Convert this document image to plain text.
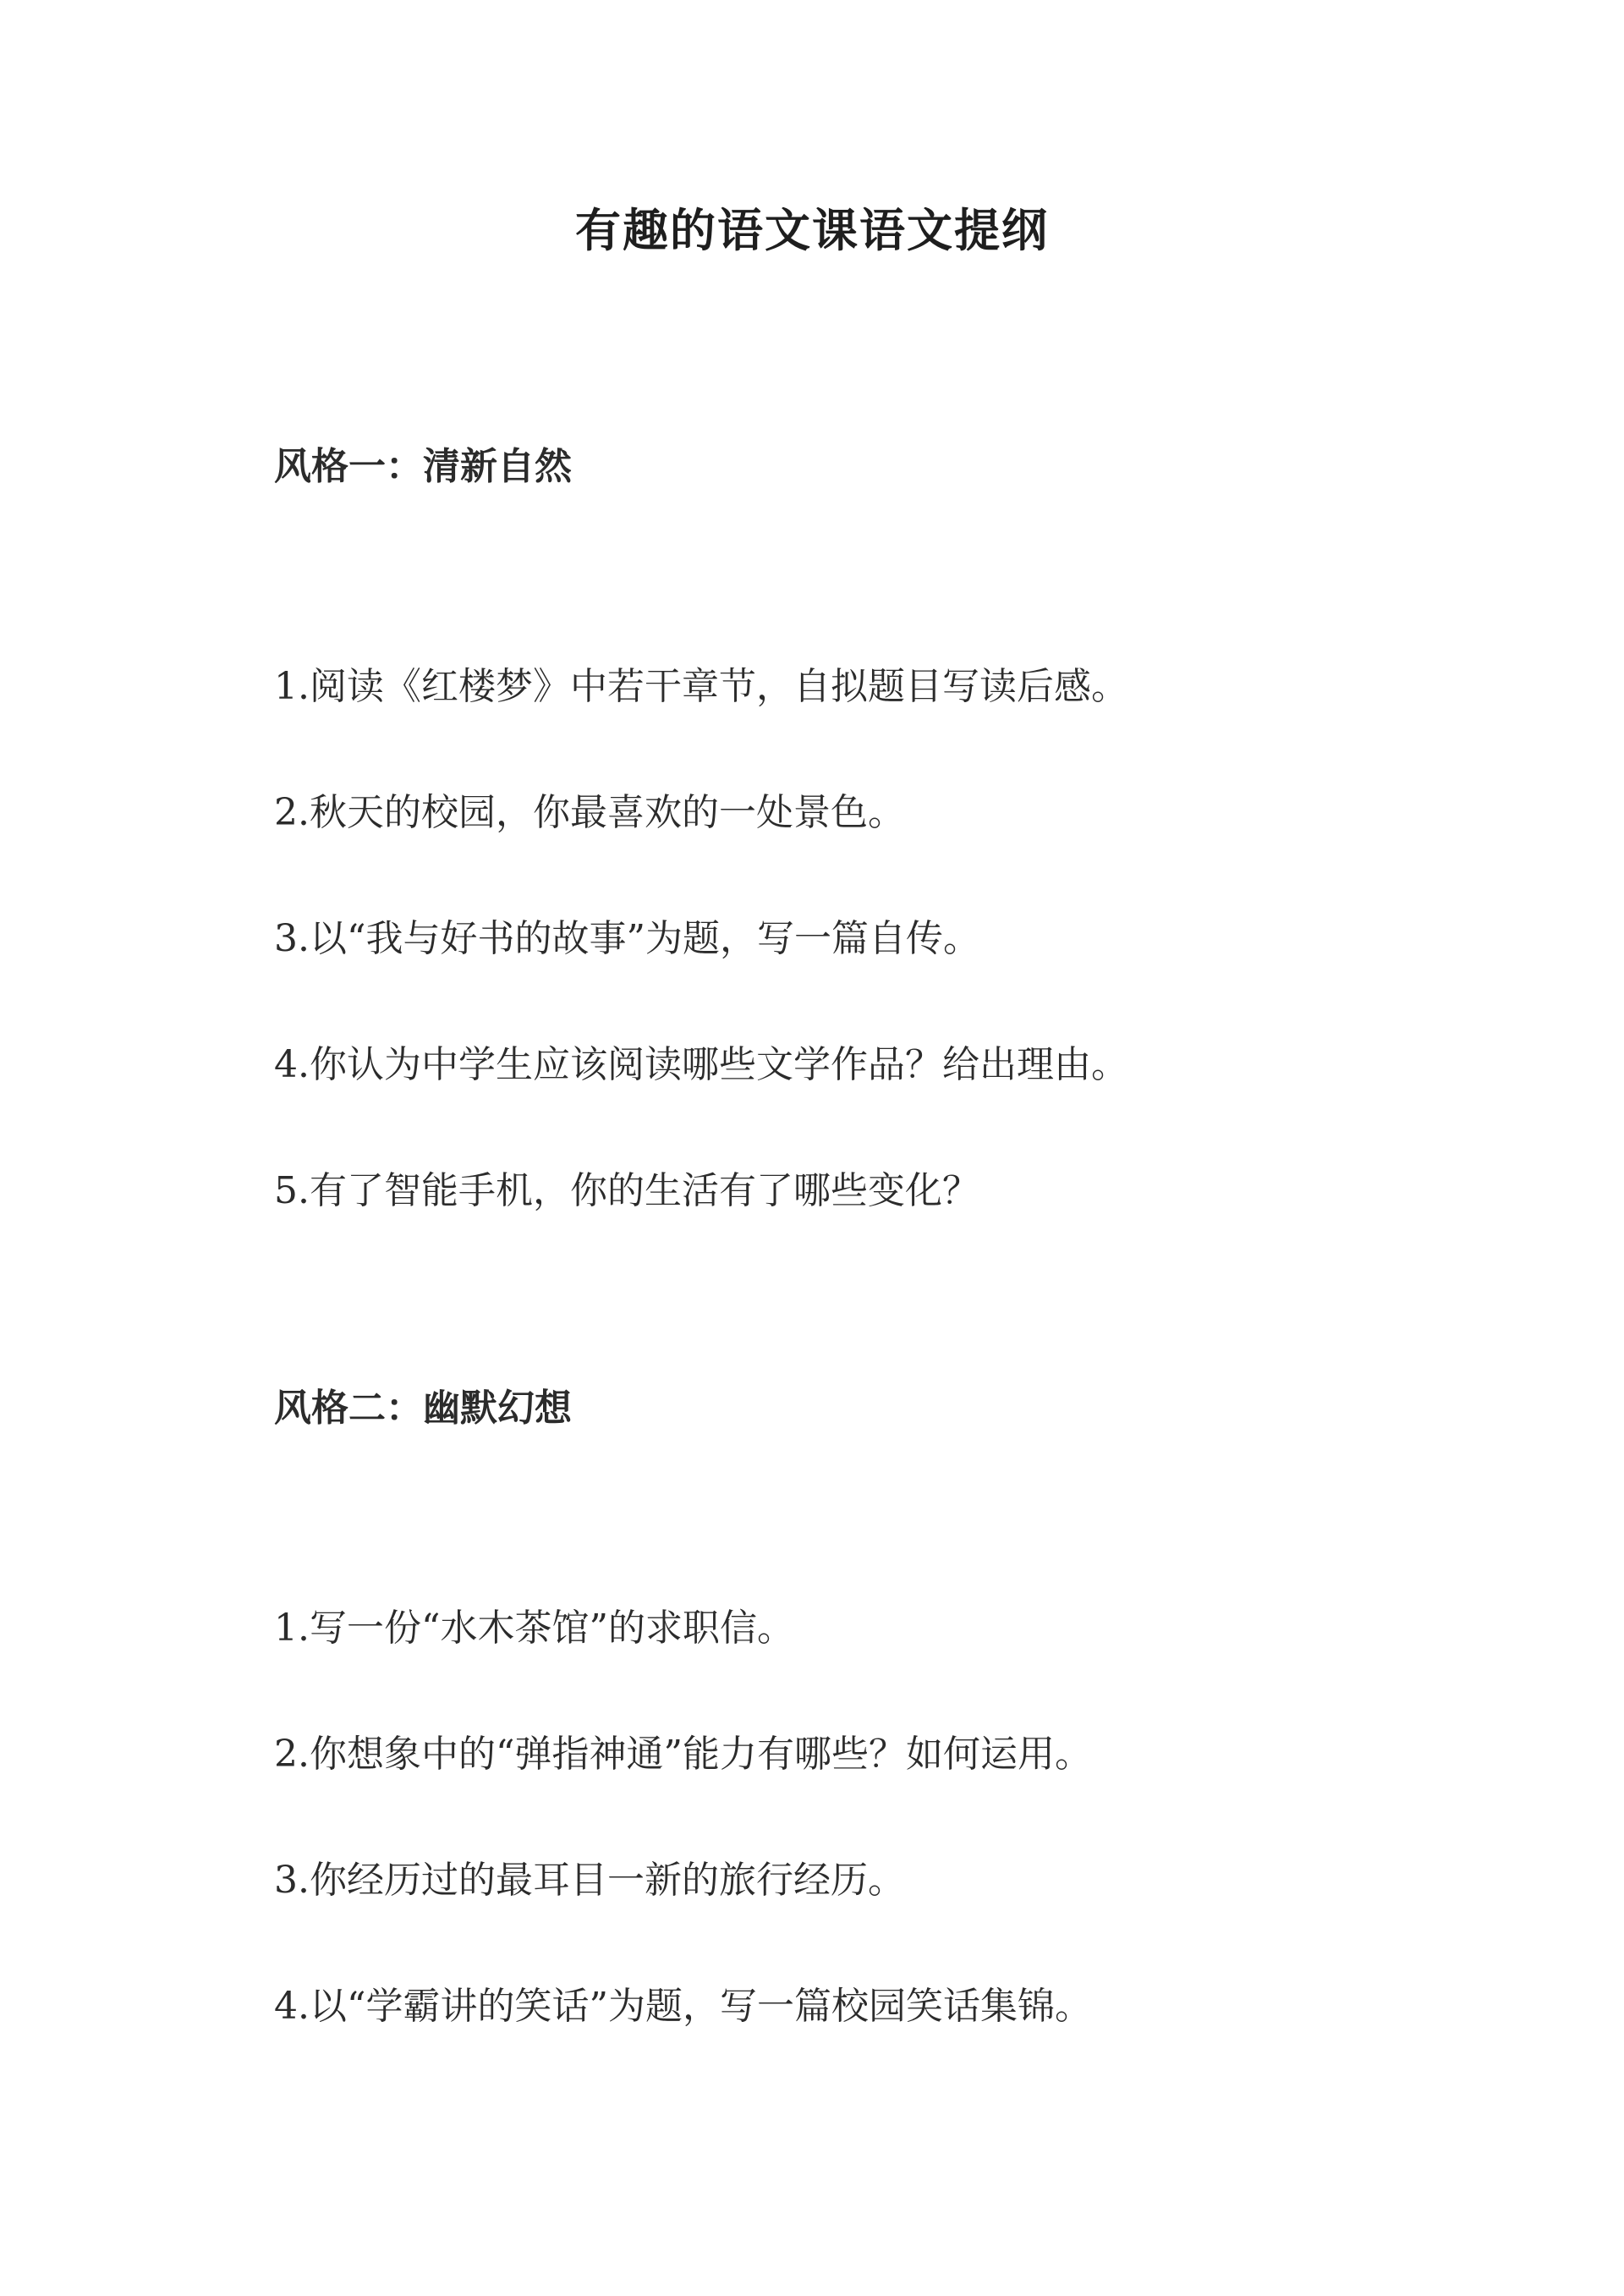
有趣的语文课语文提纲
风格一：清新自然
1.阅读《红楼梦》中若干章节，自拟题目写读后感。
2.秋天的校园，你最喜欢的一处景色。
3.以“我与好书的故事”为题，写一篇自传。
4.你认为中学生应该阅读哪些文学作品？给出理由。
5.有了智能手机，你的生活有了哪些变化？
风格二：幽默幻想
1.写一份“水木茶馆”的求职信。
2.你想象中的“弹指神通”能力有哪些？如何运用。
3.你经历过的最耳目一新的旅行经历。
4.以“学霸讲的笑话”为题，写一篇校园笑话集锦。
